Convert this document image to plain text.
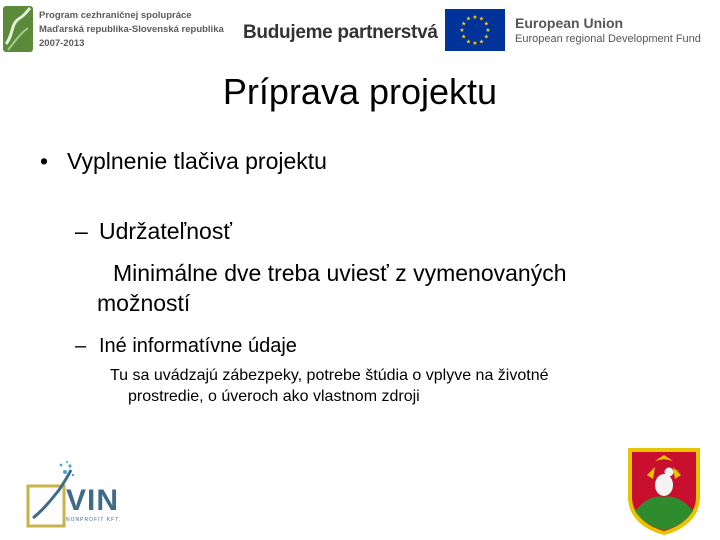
Program cezhraničnej spolupráce
Maďarská republika-Slovenská republika
2007-2013
Budujeme partnerstvá
★ ★
★
★
★
★
★
★
★
★
★
★	European Union
European regional Development Fund
Príprava projektu
• Vyplnenie tlačiva projektu
– Udržateľnosť
Minimálne dve treba uviesť z vymenovaných
možností
– Iné informatívne údaje
Tu sa uvádzajú zábezpeky, potrebe štúdia o vplyve na životné
prostredie, o úveroch ako vlastnom zdroji
VIN
NONPROFIT KFT.
